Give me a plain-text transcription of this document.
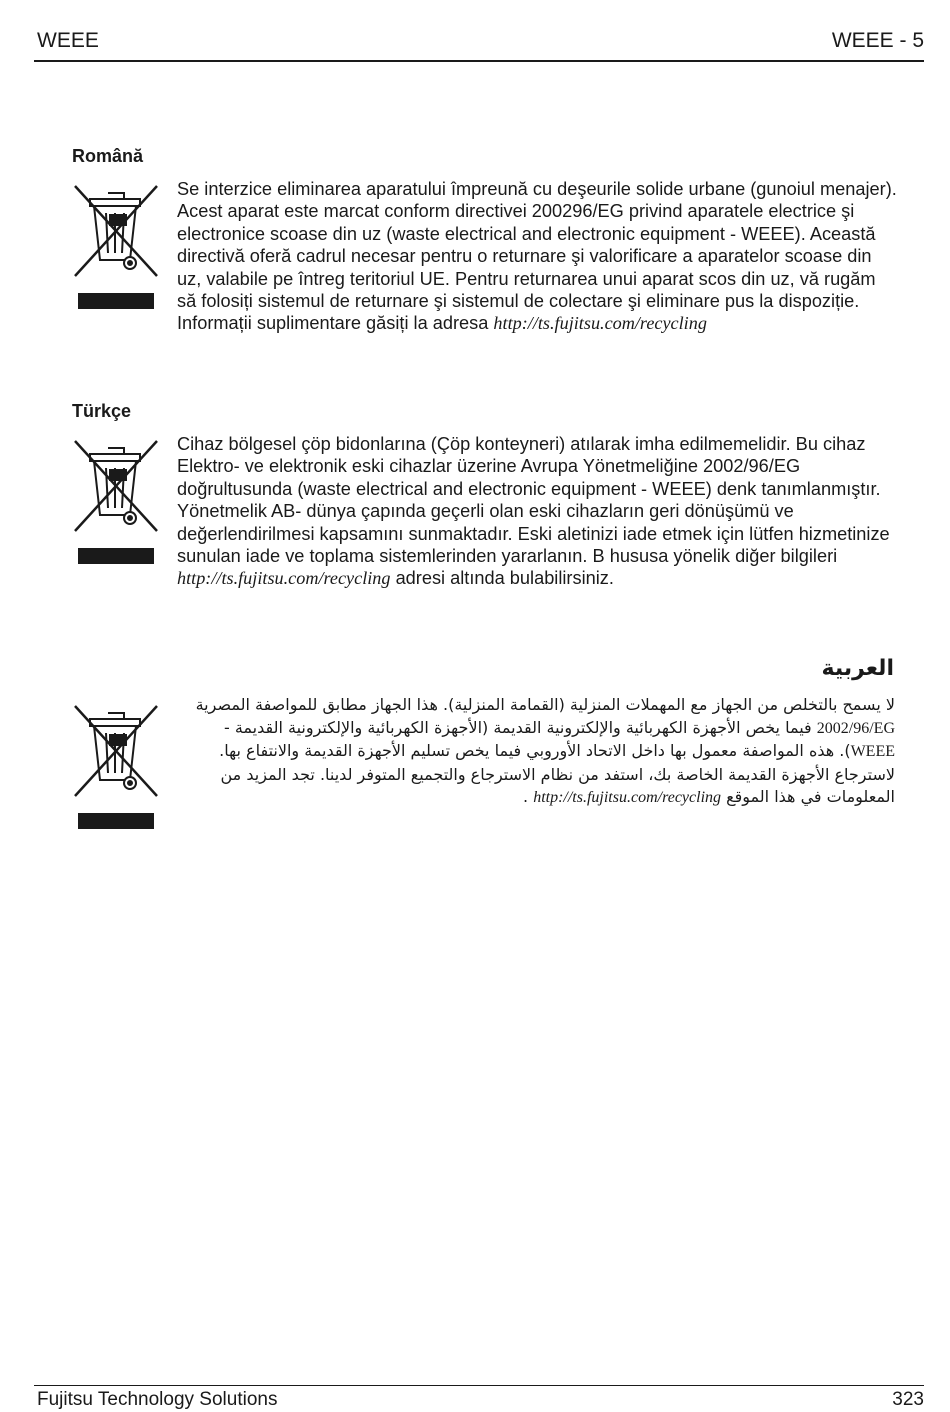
WEEE	WEEE - 5
Română
Se interzice eliminarea aparatului împreună cu deşeurile solide urbane (gunoiul menajer). Acest aparat este marcat conform directivei 200296/EG privind aparatele electrice şi electronice scoase din uz (waste electrical and electronic equipment - WEEE). Această directivă oferă cadrul necesar pentru o returnare şi valorificare a aparatelor scoase din uz, valabile pe întreg teritoriul UE. Pentru returnarea unui aparat scos din uz, vă rugăm să folosiți sistemul de returnare şi sistemul de colectare şi eliminare pus la dispoziție. Informații suplimentare găsiți la adresa http://ts.fujitsu.com/recycling
Türkçe
Cihaz bölgesel çöp bidonlarına (Çöp konteyneri) atılarak imha edilmemelidir. Bu cihaz Elektro- ve elektronik eski cihazlar üzerine Avrupa Yönetmeliğine 2002/96/EG doğrultusunda (waste electrical and electronic equipment - WEEE) denk tanımlanmıştır. Yönetmelik AB- dünya çapında geçerli olan eski cihazların geri dönüşümü ve değerlendirilmesi kapsamını sunmaktadır. Eski aletinizi iade etmek için lütfen hizmetinize sunulan iade ve toplama sistemlerinden yararlanın. B hususa yönelik diğer bilgileri http://ts.fujitsu.com/recycling adresi altında bulabilirsiniz.
العربية
لا يسمح بالتخلص من الجهاز مع المهملات المنزلية (القمامة المنزلية). هذا الجهاز مطابق للمواصفة المصرية 2002/96/EG فيما يخص الأجهزة الكهربائية والإلكترونية القديمة (الأجهزة الكهربائية والإلكترونية القديمة - WEEE). هذه المواصفة معمول بها داخل الاتحاد الأوروبي فيما يخص تسليم الأجهزة القديمة والانتفاع بها. لاسترجاع الأجهزة القديمة الخاصة بك، استفد من نظام الاسترجاع والتجميع المتوفر لدينا. تجد المزيد من المعلومات في هذا الموقع http://ts.fujitsu.com/recycling .
Fujitsu Technology Solutions	323
